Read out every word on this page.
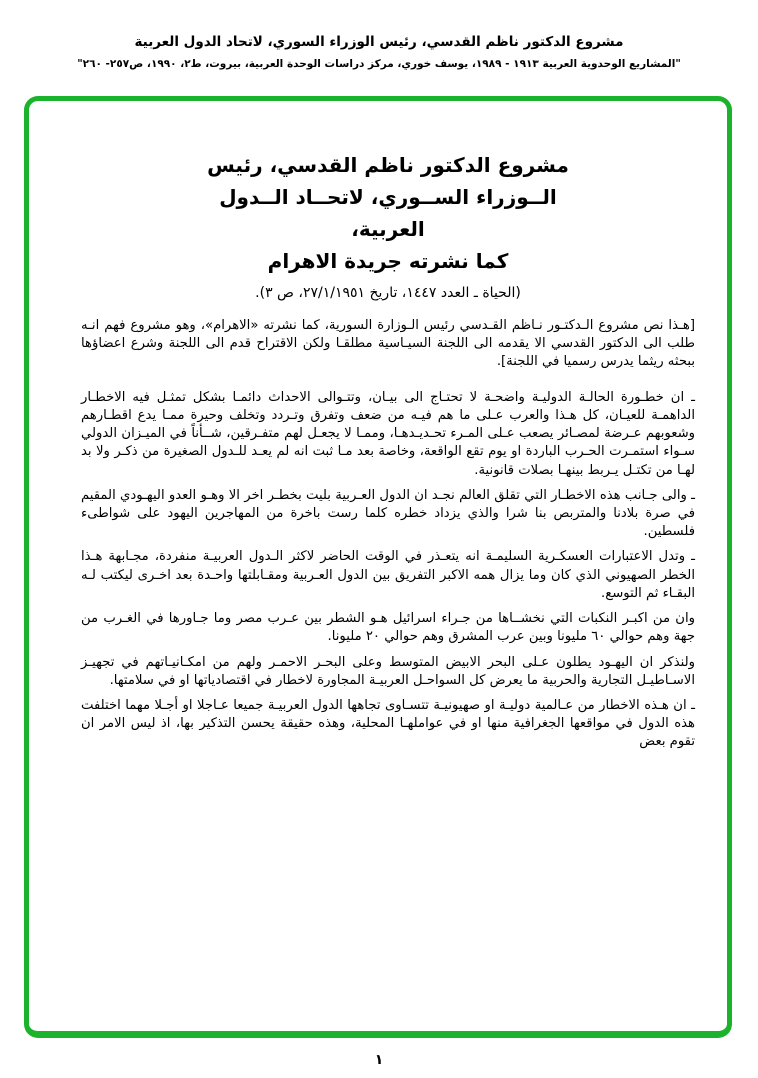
مشروع الدكتور ناظم القدسي، رئيس الوزراء السوري، لاتحاد الدول العربية
"المشاريع الوحدوية العربية ١٩١٣ - ١٩٨٩، يوسف خوري، مركز دراسات الوحدة العربية، بيروت، ط٢، ١٩٩٠، ص٢٥٧- ٢٦٠"
مشروع الدكتور ناظم القدسي، رئيس
الــوزراء الســوري، لاتحــاد الــدول
العربية،
كما نشرته جريدة الاهرام
(الحياة ـ العدد ١٤٤٧، تاريخ ٢٧/١/١٩٥١، ص ٣).

[هـذا نص مشروع الـدكتـور نـاظم القـدسي رئيس الـوزارة السورية، كما نشرته «الاهرام»، وهو مشروع فهم انـه طلب الى الدكتور القدسي الا يقدمه الى اللجنة السيـاسية مطلقـا ولكن الاقتراح قدم الى اللجنة وشرع اعضاؤها ببحثه ريثما يدرس رسميا في اللجنة].

ـ ان خطـورة الحالـة الدوليـة واضحـة لا تحتـاج الى بيـان، وتتـوالى الاحداث دائمـا بشكل تمثـل فيه الاخطـار الداهمـة للعيـان، كل هـذا والعرب عـلى ما هم فيـه من ضعف وتفرق وتـردد وتخلف وحيرة ممـا يدع اقطـارهم وشعوبهم عـرضة لمصـائر يصعب عـلى المـرء تحـديـدهـا، وممـا لا يجعـل لهم متفـرقين، شــأناً في الميـزان الدولي سـواء استمـرت الحـرب الباردة او يوم تقع الواقعة، وخاصة بعد مـا ثبت انه لم يعـد للـدول الصغيرة من ذكـر ولا بد لهـا من تكتـل يـربط بينهـا بصلات قانونية.

ـ والى جـانب هذه الاخطـار التي تقلق العالم نجـد ان الدول العـربية بليت بخطـر اخر الا وهـو العدو اليهـودي المقيم في صرة بلادنا والمتربص بنا شرا والذي يزداد خطره كلما رست باخرة من المهاجرين اليهود على شواطىء فلسطين.

ـ وتدل الاعتبارات العسكـرية السليمـة انه يتعـذر في الوقت الحاضر لاكثر الـدول العربيـة منفردة، مجـابهة هـذا الخطر الصهيوني الذي كان وما يزال همه الاكبر التفريق بين الدول العـربية ومقـابلتها واحـدة بعد اخـرى ليكتب لـه البقـاء ثم التوسع.

وان من اكبـر النكبات التي نخشــاها من جـراء اسرائيل هـو الشطر بين عـرب مصر وما جـاورها في الغـرب من جهة وهم حوالي ٦٠ مليونا وبين عرب المشرق وهم حوالي ٢٠ مليونا.

ولنذكر ان اليهـود يطلون عـلى البحر الابيض المتوسط وعلى البحـر الاحمـر ولهم من امكـانيـاتهم في تجهيـز الاسـاطيـل التجارية والحربية ما يعرض كل السواحـل العربيـة المجاورة لاخطار في اقتصادياتها او في سلامتها.

ـ ان هـذه الاخطار من عـالمية دوليـة او صهيونيـة تتسـاوى تجاهها الدول العربيـة جميعا عـاجلا او أجـلا مهما اختلفت هذه الدول في مواقعها الجغرافية منها او في عواملهـا المحلية، وهذه حقيقة يحسن التذكير بها، اذ ليس الامر ان تقوم بعض

١
